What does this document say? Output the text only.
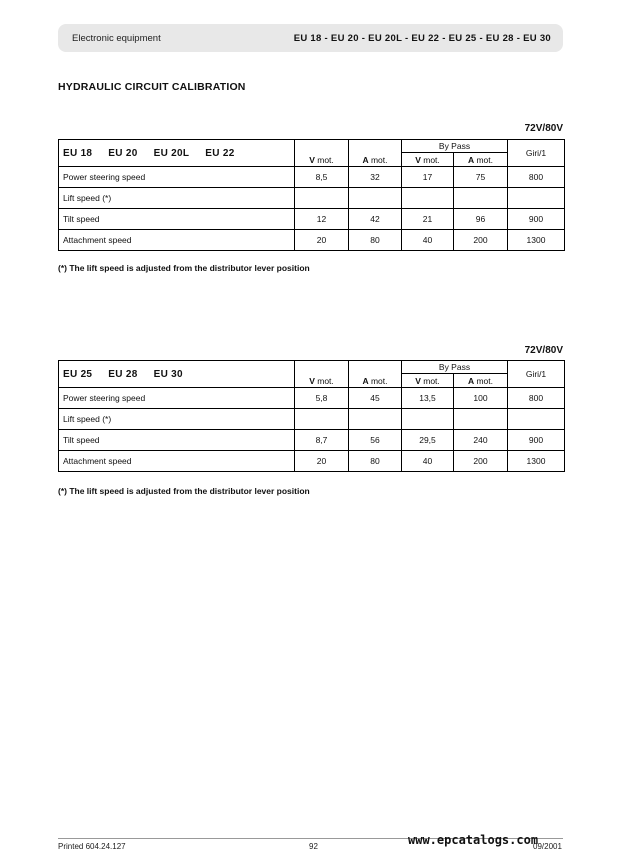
Electronic equipment	EU 18 - EU 20 - EU 20L - EU 22 - EU 25 - EU 28 - EU 30
HYDRAULIC CIRCUIT CALIBRATION
72V/80V
EU 18 EU 20 EU 20L EU 22	V mot.	A mot.	By Pass		Giri/1
			V mot.	A mot.	
Power steering speed	8,5	32	17	75	800
Lift speed (*)					
Tilt speed	12	42	21	96	900
Attachment speed	20	80	40	200	1300
(*) The lift speed is adjusted from the distributor lever position
72V/80V
EU 25 EU 28 EU 30	V mot.	A mot.	By Pass		Giri/1
			V mot.	A mot.	
Power steering speed	5,8	45	13,5	100	800
Lift speed (*)					
Tilt speed	8,7	56	29,5	240	900
Attachment speed	20	80	40	200	1300
(*) The lift speed is adjusted from the distributor lever position
Printed 604.24.127	92	09/2001
www.epcatalogs.com
